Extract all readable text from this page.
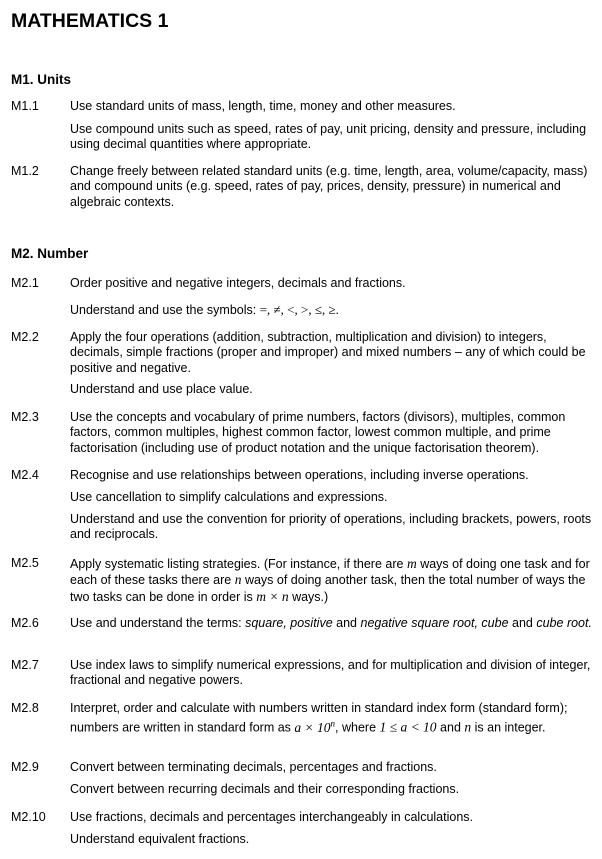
MATHEMATICS 1
M1. Units
M1.1 Use standard units of mass, length, time, money and other measures.
Use compound units such as speed, rates of pay, unit pricing, density and pressure, including using decimal quantities where appropriate.
M1.2 Change freely between related standard units (e.g. time, length, area, volume/capacity, mass) and compound units (e.g. speed, rates of pay, prices, density, pressure) in numerical and algebraic contexts.
M2. Number
M2.1 Order positive and negative integers, decimals and fractions.
Understand and use the symbols: =, ≠, <, >, ≤, ≥.
M2.2 Apply the four operations (addition, subtraction, multiplication and division) to integers, decimals, simple fractions (proper and improper) and mixed numbers – any of which could be positive and negative.
Understand and use place value.
M2.3 Use the concepts and vocabulary of prime numbers, factors (divisors), multiples, common factors, common multiples, highest common factor, lowest common multiple, and prime factorisation (including use of product notation and the unique factorisation theorem).
M2.4 Recognise and use relationships between operations, including inverse operations.
Use cancellation to simplify calculations and expressions.
Understand and use the convention for priority of operations, including brackets, powers, roots and reciprocals.
M2.5 Apply systematic listing strategies. (For instance, if there are m ways of doing one task and for each of these tasks there are n ways of doing another task, then the total number of ways the two tasks can be done in order is m × n ways.)
M2.6 Use and understand the terms: square, positive and negative square root, cube and cube root.
M2.7 Use index laws to simplify numerical expressions, and for multiplication and division of integer, fractional and negative powers.
M2.8 Interpret, order and calculate with numbers written in standard index form (standard form); numbers are written in standard form as $a \times 10^n$, where 1 ≤ a < 10 and n is an integer.
M2.9 Convert between terminating decimals, percentages and fractions.
Convert between recurring decimals and their corresponding fractions.
M2.10 Use fractions, decimals and percentages interchangeably in calculations.
Understand equivalent fractions.
